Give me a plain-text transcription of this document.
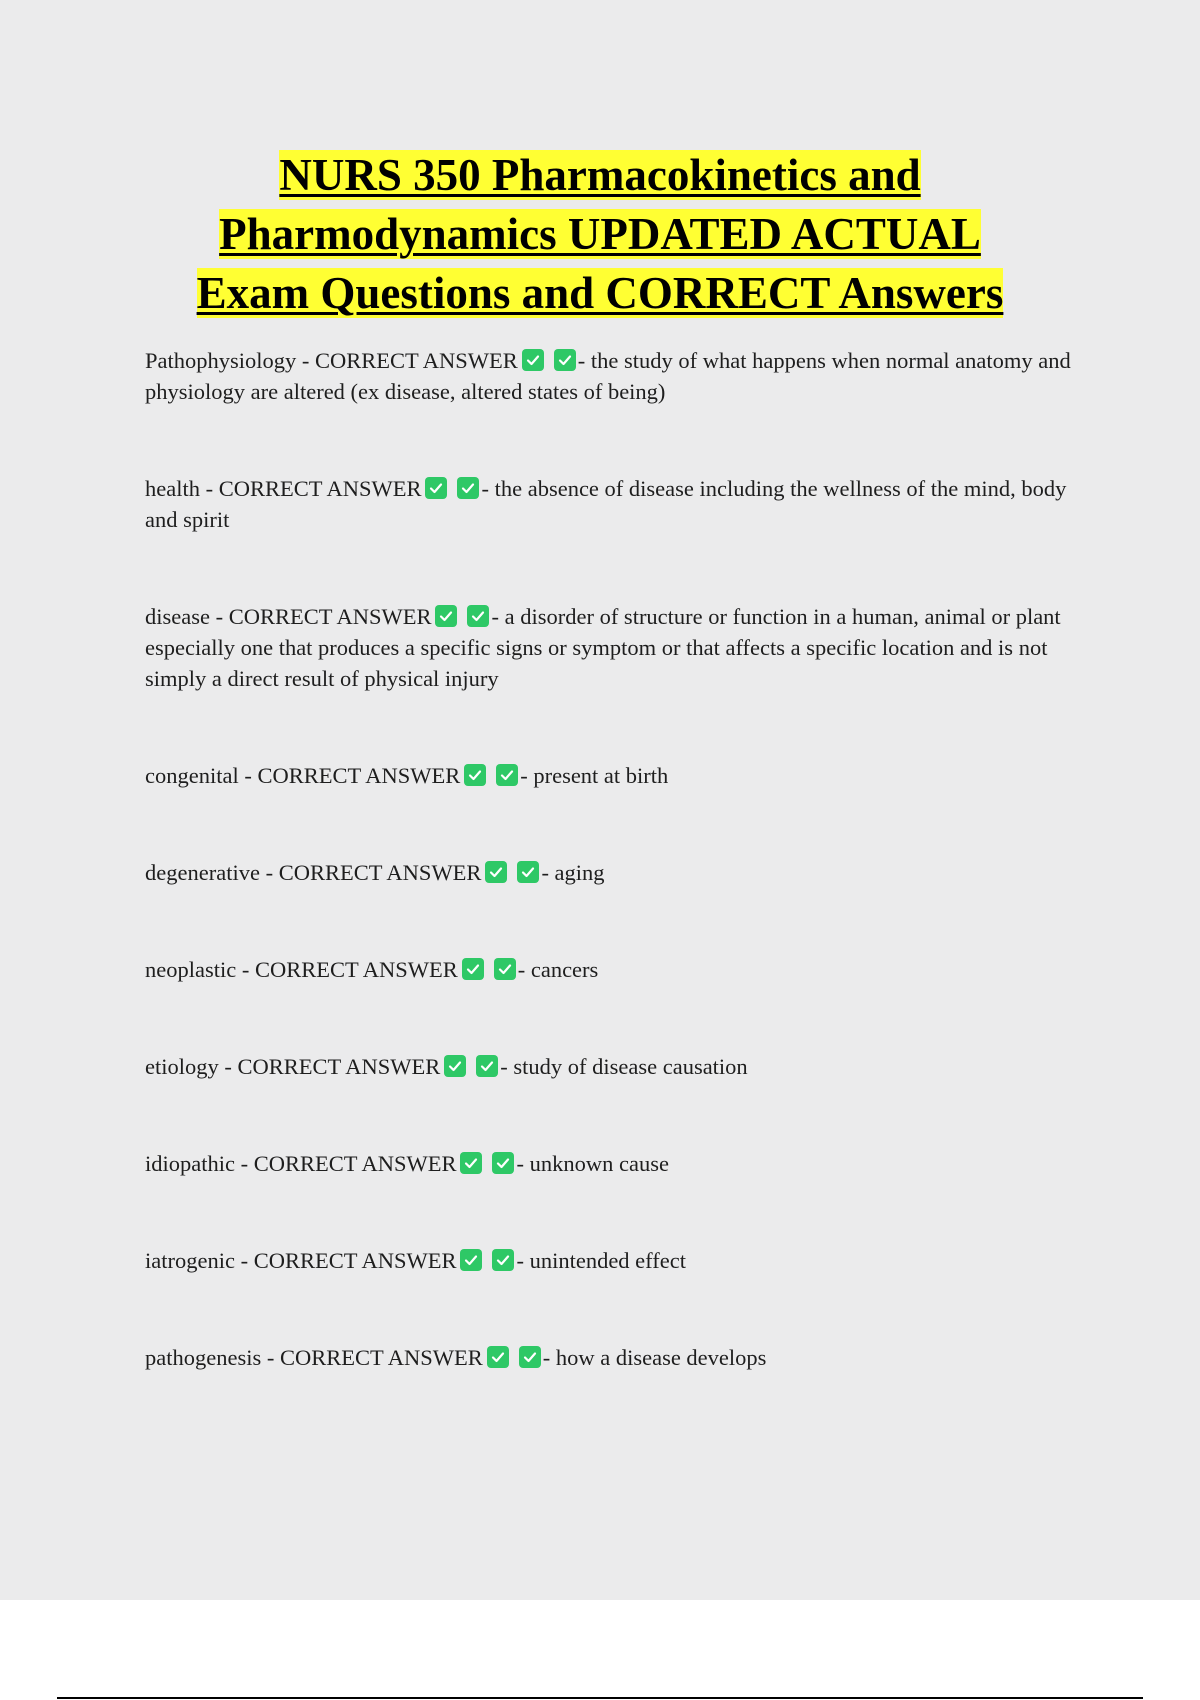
NURS 350 Pharmacokinetics and
Pharmodynamics UPDATED ACTUAL
Exam Questions and CORRECT Answers
Pathophysiology - CORRECT ANSWER	- the study of what happens when normal anatomy and physiology are altered (ex disease, altered states of being)
health - CORRECT ANSWER	- the absence of disease including the wellness of the mind, body and spirit
disease - CORRECT ANSWER	- a disorder of structure or function in a human, animal or plant especially one that produces a specific signs or symptom or that affects a specific location and is not simply a direct result of physical injury
congenital - CORRECT ANSWER	- present at birth
degenerative - CORRECT ANSWER	- aging
neoplastic - CORRECT ANSWER	- cancers
etiology - CORRECT ANSWER	- study of disease causation
idiopathic - CORRECT ANSWER	- unknown cause
iatrogenic - CORRECT ANSWER	- unintended effect
pathogenesis - CORRECT ANSWER	- how a disease develops
